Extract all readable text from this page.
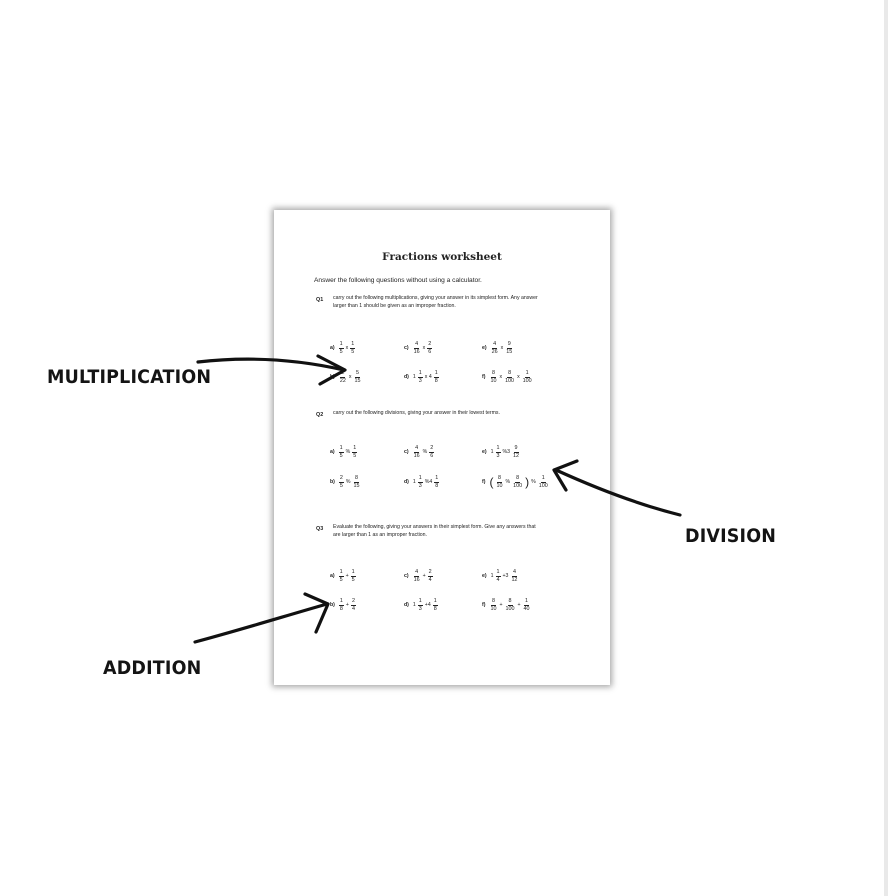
Fractions worksheet
Answer the following questions without using a calculator.
Q1 carry out the following multiplications, giving your answer in its simplest form. Any answer larger than 1 should be given as an improper fraction.
$a) \frac{1}{5}$ x $\frac{1}{5}$	$c) \frac{4}{16}$ x $\frac{2}{6}$	$e) \frac{4}{26}$ x $\frac{9}{15}$
$b) \frac{2}{22}$ x $\frac{5}{15}$	d) $1 \frac{1}{3}$ x $4 \frac{1}{8}$	$f) \frac{8}{10}$ x $\frac{8}{100}$ x $\frac{1}{100}$
Q2 carry out the following divisions, giving your answer in their lowest terms.
$a) \frac{1}{5}$ % $\frac{1}{5}$	$c) \frac{4}{16}$ % $\frac{2}{6}$	e) $1 \frac{1}{3} \%3 \frac{9}{12}$
$b) \frac{2}{5}$ % $\frac{8}{15}$	d) $1 \frac{1}{3} \%4 \frac{1}{8}$	f) ( $\frac{8}{10}$ % $\frac{8}{100}$ ) % $\frac{1}{100}$
Q3 Evaluate the following, giving your answers in their simplest form. Give any answers that are larger than 1 as an improper fraction.
$a) \frac{1}{5} + \frac{1}{5}$	$c) \frac{4}{16} + \frac{2}{4}$	e) $1 \frac{1}{4} +3 \frac{4}{12}$
$b) \frac{1}{8} + \frac{2}{4}$	d) $1 \frac{1}{3} +4 \frac{1}{8}$	$f) \frac{8}{10} + \frac{8}{100} + \frac{1}{40}$
MULTIPLICATION
DIVISION
ADDITION
